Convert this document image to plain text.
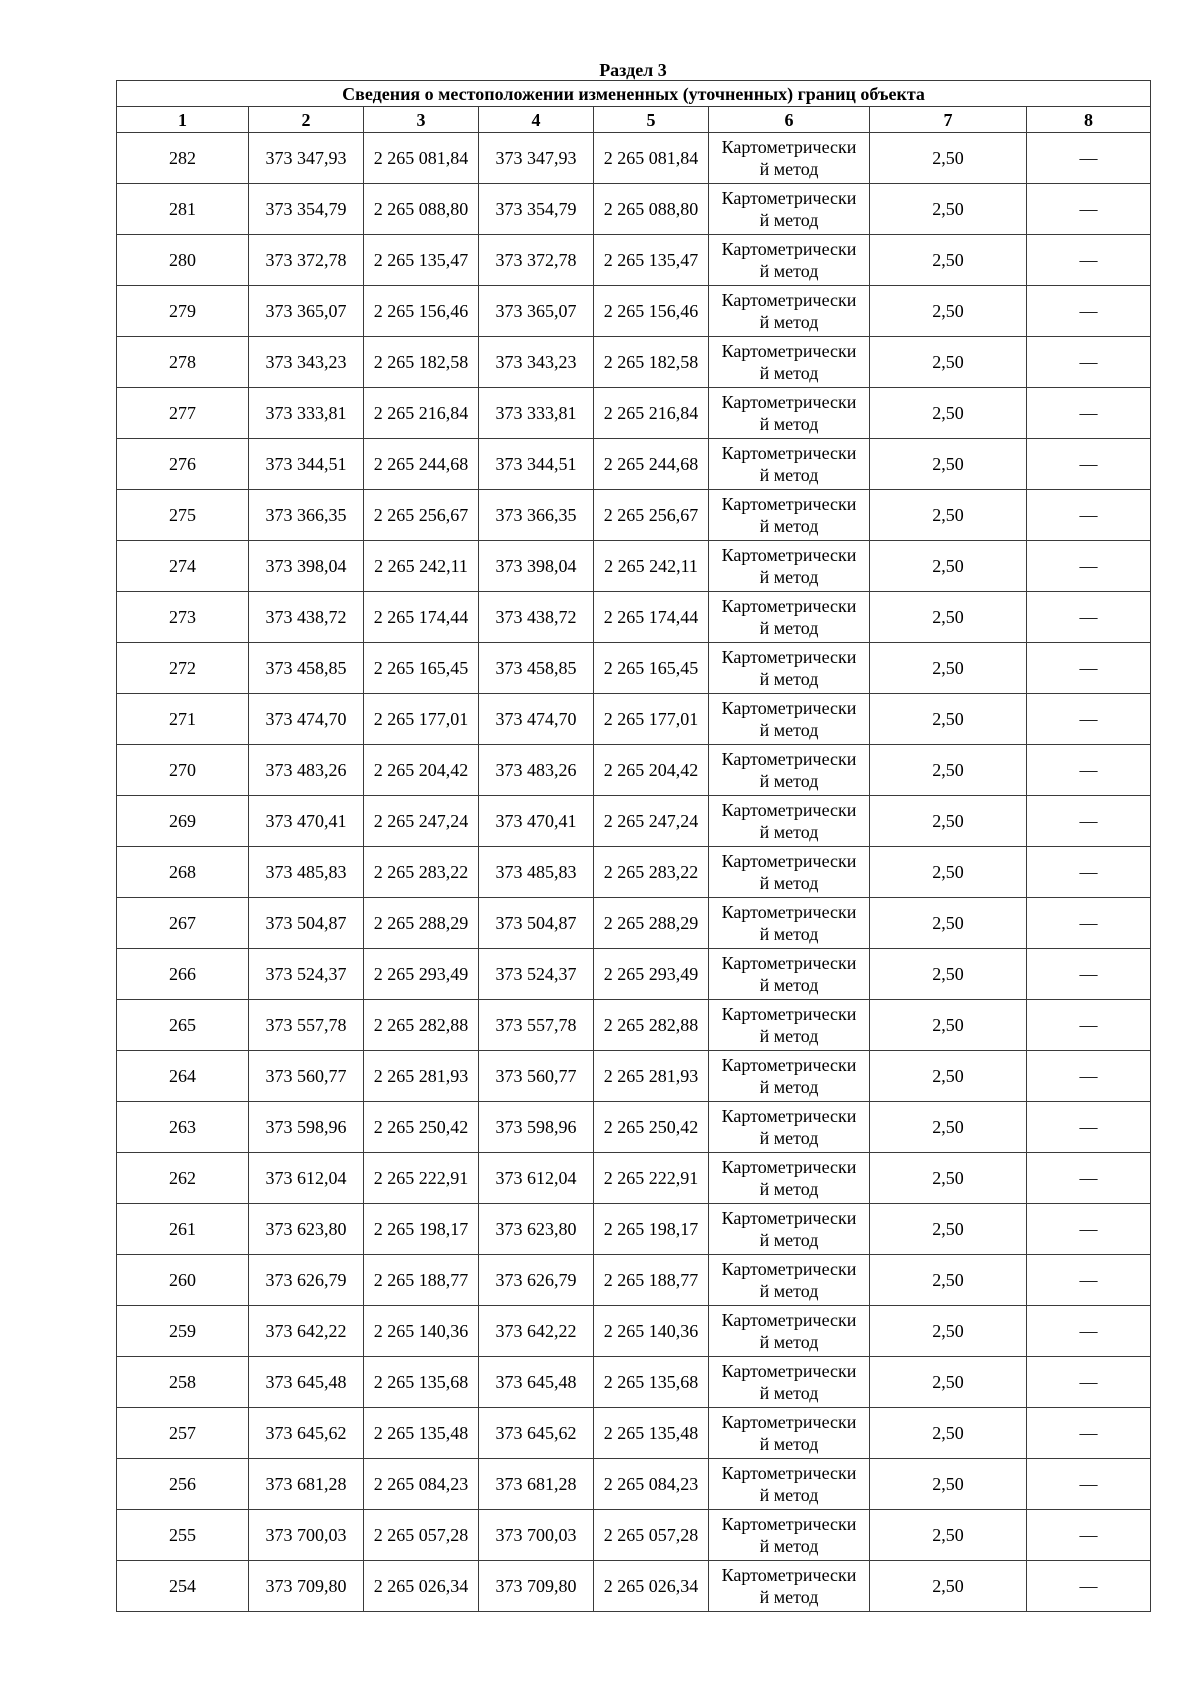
Раздел 3
Сведения о местоположении измененных (уточненных) границ объекта							
1	2	3	4	5	6	7	8
282	373 347,93	2 265 081,84	373 347,93	2 265 081,84	Картометрически
й метод	2,50	—
281	373 354,79	2 265 088,80	373 354,79	2 265 088,80	Картометрически
й метод	2,50	—
280	373 372,78	2 265 135,47	373 372,78	2 265 135,47	Картометрически
й метод	2,50	—
279	373 365,07	2 265 156,46	373 365,07	2 265 156,46	Картометрически
й метод	2,50	—
278	373 343,23	2 265 182,58	373 343,23	2 265 182,58	Картометрически
й метод	2,50	—
277	373 333,81	2 265 216,84	373 333,81	2 265 216,84	Картометрически
й метод	2,50	—
276	373 344,51	2 265 244,68	373 344,51	2 265 244,68	Картометрически
й метод	2,50	—
275	373 366,35	2 265 256,67	373 366,35	2 265 256,67	Картометрически
й метод	2,50	—
274	373 398,04	2 265 242,11	373 398,04	2 265 242,11	Картометрически
й метод	2,50	—
273	373 438,72	2 265 174,44	373 438,72	2 265 174,44	Картометрически
й метод	2,50	—
272	373 458,85	2 265 165,45	373 458,85	2 265 165,45	Картометрически
й метод	2,50	—
271	373 474,70	2 265 177,01	373 474,70	2 265 177,01	Картометрически
й метод	2,50	—
270	373 483,26	2 265 204,42	373 483,26	2 265 204,42	Картометрически
й метод	2,50	—
269	373 470,41	2 265 247,24	373 470,41	2 265 247,24	Картометрически
й метод	2,50	—
268	373 485,83	2 265 283,22	373 485,83	2 265 283,22	Картометрически
й метод	2,50	—
267	373 504,87	2 265 288,29	373 504,87	2 265 288,29	Картометрически
й метод	2,50	—
266	373 524,37	2 265 293,49	373 524,37	2 265 293,49	Картометрически
й метод	2,50	—
265	373 557,78	2 265 282,88	373 557,78	2 265 282,88	Картометрически
й метод	2,50	—
264	373 560,77	2 265 281,93	373 560,77	2 265 281,93	Картометрически
й метод	2,50	—
263	373 598,96	2 265 250,42	373 598,96	2 265 250,42	Картометрически
й метод	2,50	—
262	373 612,04	2 265 222,91	373 612,04	2 265 222,91	Картометрически
й метод	2,50	—
261	373 623,80	2 265 198,17	373 623,80	2 265 198,17	Картометрически
й метод	2,50	—
260	373 626,79	2 265 188,77	373 626,79	2 265 188,77	Картометрически
й метод	2,50	—
259	373 642,22	2 265 140,36	373 642,22	2 265 140,36	Картометрически
й метод	2,50	—
258	373 645,48	2 265 135,68	373 645,48	2 265 135,68	Картометрически
й метод	2,50	—
257	373 645,62	2 265 135,48	373 645,62	2 265 135,48	Картометрически
й метод	2,50	—
256	373 681,28	2 265 084,23	373 681,28	2 265 084,23	Картометрически
й метод	2,50	—
255	373 700,03	2 265 057,28	373 700,03	2 265 057,28	Картометрически
й метод	2,50	—
254	373 709,80	2 265 026,34	373 709,80	2 265 026,34	Картометрически
й метод	2,50	—
